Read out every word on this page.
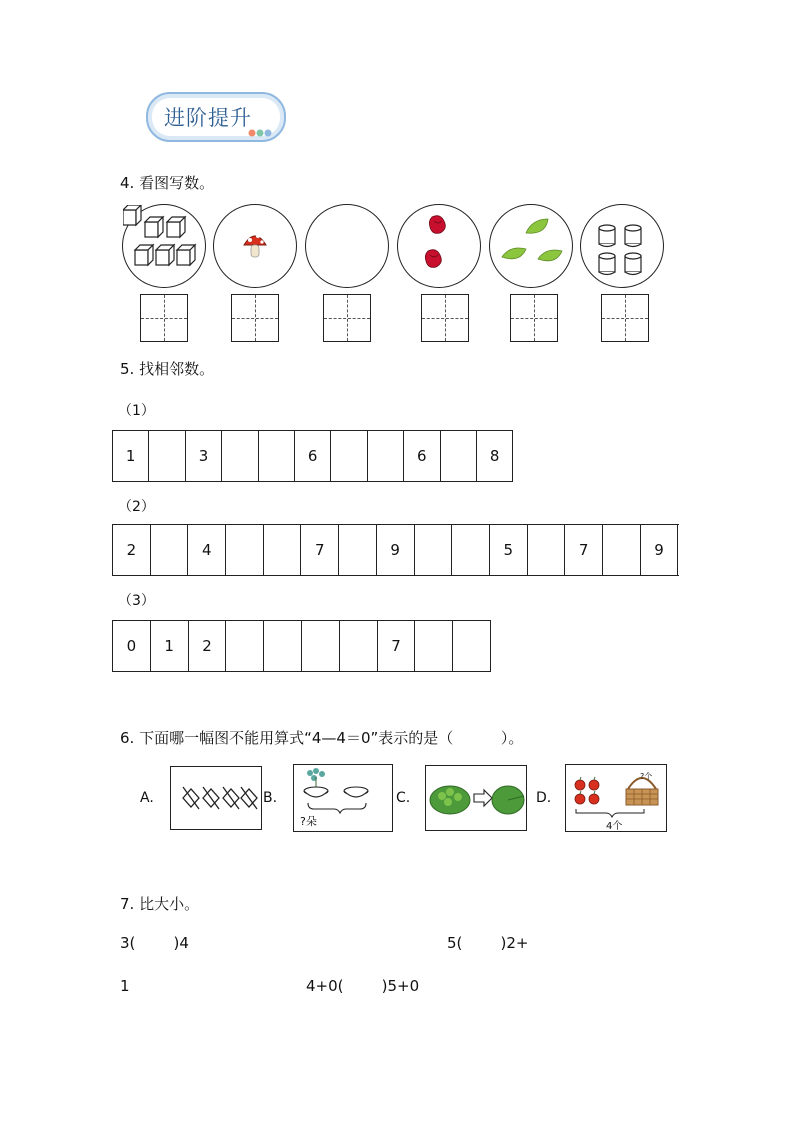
进阶提升
4. 看图写数。
5. 找相邻数。
（1）
1	3	6	6	8
（2）
2	4	7	9	5	7	9
（3）
0	1	2	7
6. 下面哪一幅图不能用算式“4—4＝0”表示的是（          ）。
A.	B.
?朵
C.	D.
?个
4个
7. 比大小。
3(        )4	5(        )2+
1	4+0(        )5+0
